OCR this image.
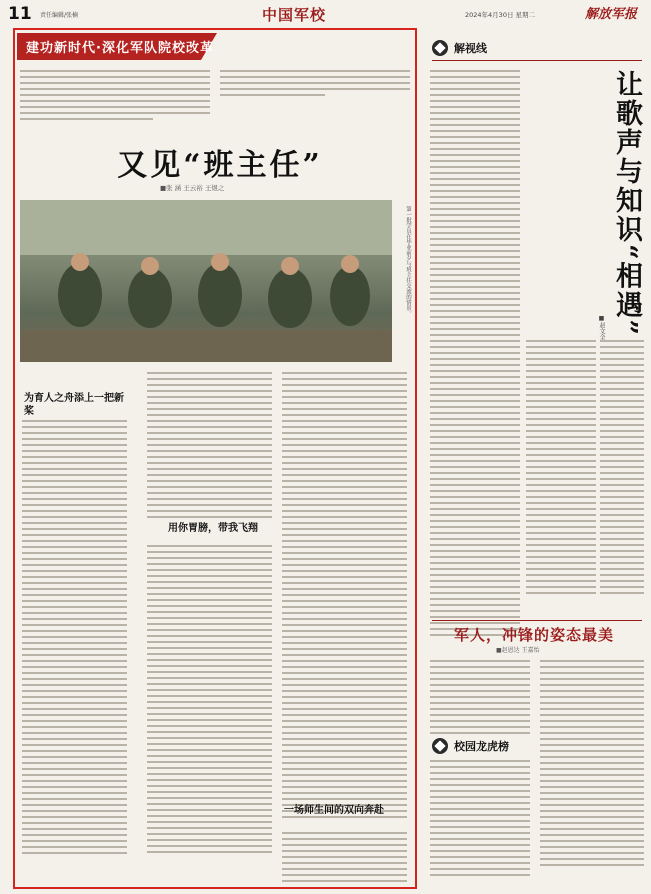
11 责任编辑/张楠	中国军校	2024年4月30日 星期二	解放军报
建功新时代·深化军队院校改革
又见“班主任”
■张 涵 王云裕 王煜之
第一批学员在毕业前夕与班主任交流的情景。
为育人之舟添上一把新桨
用你胃膀，带我飞翔
一场师生间的双向奔赴
解视线
让歌声与知识“相遇”
■赵文全
军人，冲锋的姿态最美
■赵恩达 王嘉怡
校园龙虎榜
